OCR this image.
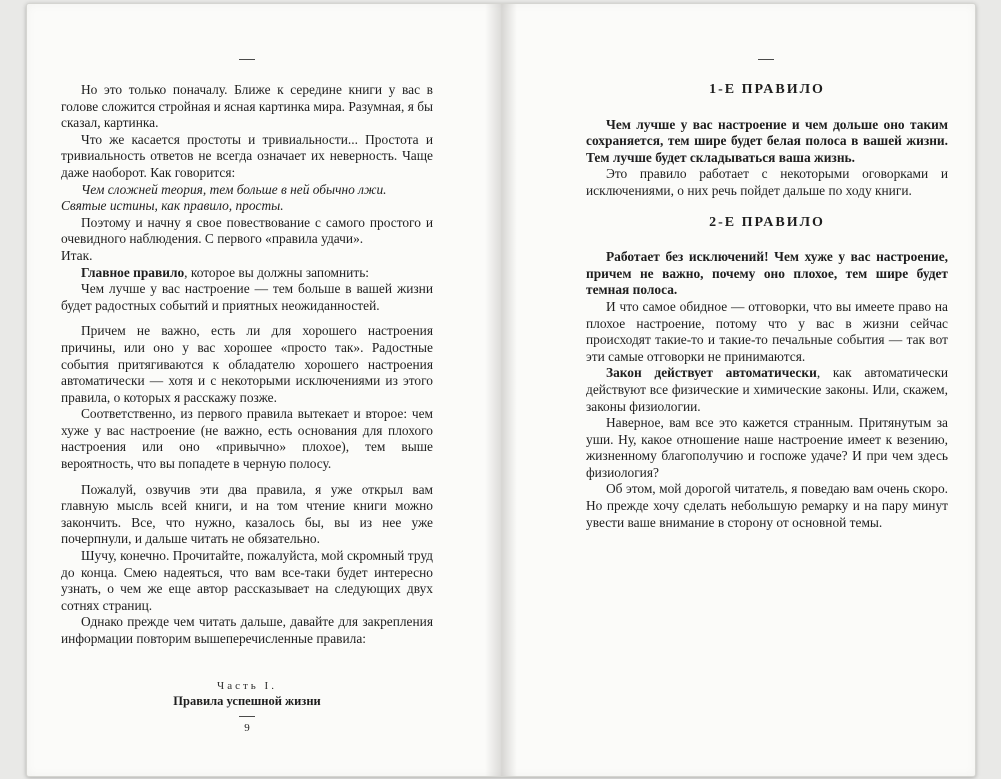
Но это только поначалу. Ближе к середине книги у вас в голове сложится стройная и ясная картинка мира. Разумная, я бы сказал, картинка.

Что же касается простоты и тривиальности... Простота и тривиальность ответов не всегда означает их неверность. Чаще даже наоборот. Как говорится:

Чем сложней теория, тем больше в ней обычно лжи.

Святые истины, как правило, просты.

Поэтому и начну я свое повествование с самого простого и очевидного наблюдения. С первого «правила удачи».

Итак.

Главное правило, которое вы должны запомнить:

Чем лучше у вас настроение — тем больше в вашей жизни будет радостных событий и приятных неожиданностей.

Причем не важно, есть ли для хорошего настроения причины, или оно у вас хорошее «просто так». Радостные события притягиваются к обладателю хорошего настроения автоматически — хотя и с некоторыми исключениями из этого правила, о которых я расскажу позже.

Соответственно, из первого правила вытекает и второе: чем хуже у вас настроение (не важно, есть основания для плохого настроения или оно «привычно» плохое), тем выше вероятность, что вы попадете в черную полосу.

Пожалуй, озвучив эти два правила, я уже открыл вам главную мысль всей книги, и на том чтение книги можно закончить. Все, что нужно, казалось бы, вы из нее уже почерпнули, и дальше читать не обязательно.

Шучу, конечно. Прочитайте, пожалуйста, мой скромный труд до конца. Смею надеяться, что вам все-таки будет интересно узнать, о чем же еще автор рассказывает на следующих двух сотнях страниц.

Однако прежде чем читать дальше, давайте для закрепления информации повторим вышеперечисленные правила:

Часть I.
Правила успешной жизни
9
1-Е ПРАВИЛО

Чем лучше у вас настроение и чем дольше оно таким сохраняется, тем шире будет белая полоса в вашей жизни. Тем лучше будет складываться ваша жизнь.

Это правило работает с некоторыми оговорками и исключениями, о них речь пойдет дальше по ходу книги.

2-Е ПРАВИЛО

Работает без исключений! Чем хуже у вас настроение, причем не важно, почему оно плохое, тем шире будет темная полоса.

И что самое обидное — отговорки, что вы имеете право на плохое настроение, потому что у вас в жизни сейчас происходят такие-то и такие-то печальные события — так вот эти самые отговорки не принимаются.

Закон действует автоматически, как автоматически действуют все физические и химические законы. Или, скажем, законы физиологии.

Наверное, вам все это кажется странным. Притянутым за уши. Ну, какое отношение наше настроение имеет к везению, жизненному благополучию и госпоже удаче? И при чем здесь физиология?

Об этом, мой дорогой читатель, я поведаю вам очень скоро. Но прежде хочу сделать небольшую ремарку и на пару минут увести ваше внимание в сторону от основной темы.
